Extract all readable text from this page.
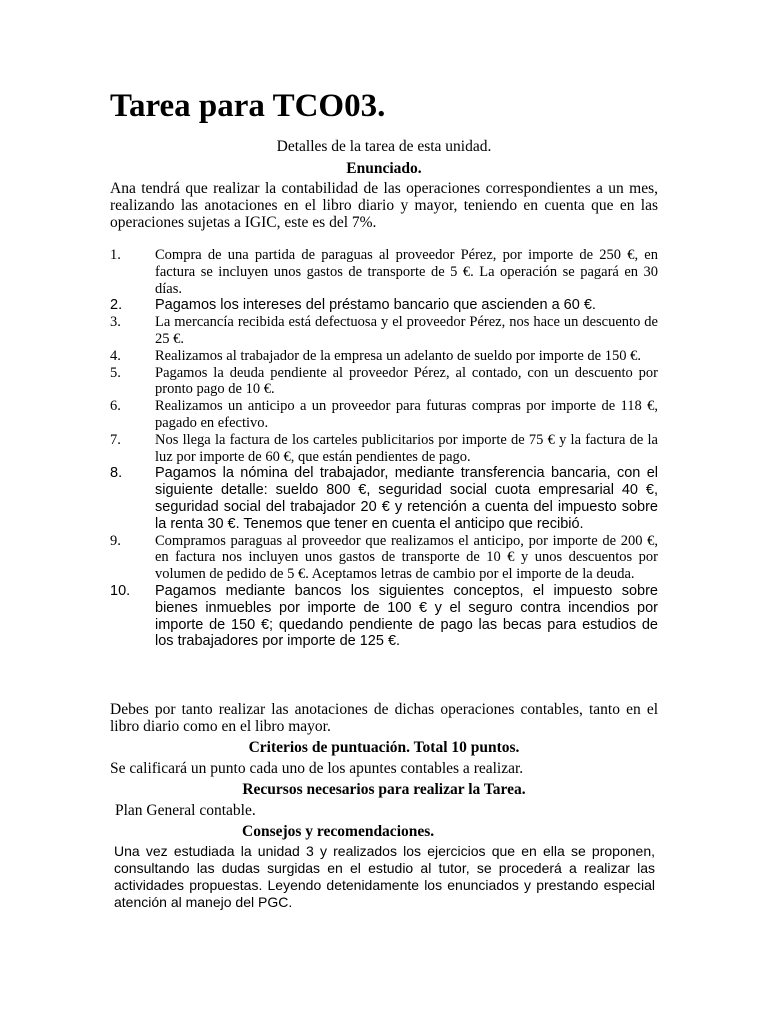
Tarea para TCO03.

Detalles de la tarea de esta unidad.

Enunciado.

Ana tendrá que realizar la contabilidad de las operaciones correspondientes a un mes, realizando las anotaciones en el libro diario y mayor, teniendo en cuenta que en las operaciones sujetas a IGIC, este es del 7%.

1.	Compra de una partida de paraguas al proveedor Pérez, por importe de 250 €, en factura se incluyen unos gastos de transporte de 5 €. La operación se pagará en 30 días.
2.	Pagamos los intereses del préstamo bancario que ascienden a 60 €.
3.	La mercancía recibida está defectuosa y el proveedor Pérez, nos hace un descuento de 25 €.
4.	Realizamos al trabajador de la empresa un adelanto de sueldo por importe de 150 €.
5.	Pagamos la deuda pendiente al proveedor Pérez, al contado, con un descuento por pronto pago de 10 €.
6.	Realizamos un anticipo a un proveedor para futuras compras por importe de 118 €, pagado en efectivo.
7.	Nos llega la factura de los carteles publicitarios por importe de 75 € y la factura de la luz por importe de 60 €, que están pendientes de pago.
8.	Pagamos la nómina del trabajador, mediante transferencia bancaria, con el siguiente detalle: sueldo 800 €, seguridad social cuota empresarial 40 €, seguridad social del trabajador 20 € y retención a cuenta del impuesto sobre la renta 30 €. Tenemos que tener en cuenta el anticipo que recibió.
9.	Compramos paraguas al proveedor que realizamos el anticipo, por importe de 200 €, en factura nos incluyen unos gastos de transporte de 10 € y unos descuentos por volumen de pedido de 5 €. Aceptamos letras de cambio por el importe de la deuda.
10.	Pagamos mediante bancos los siguientes conceptos, el impuesto sobre bienes inmuebles por importe de 100 € y el seguro contra incendios por importe de 150 €; quedando pendiente de pago las becas para estudios de los trabajadores por importe de 125 €.

Debes por tanto realizar las anotaciones de dichas operaciones contables, tanto en el libro diario como en el libro mayor.

Criterios de puntuación. Total 10 puntos.

Se calificará un punto cada uno de los apuntes contables a realizar.

Recursos necesarios para realizar la Tarea.

Plan General contable.

Consejos y recomendaciones.

Una vez estudiada la unidad 3 y realizados los ejercicios que en ella se proponen, consultando las dudas surgidas en el estudio al tutor, se procederá a realizar las actividades propuestas. Leyendo detenidamente los enunciados y prestando especial atención al manejo del PGC.
